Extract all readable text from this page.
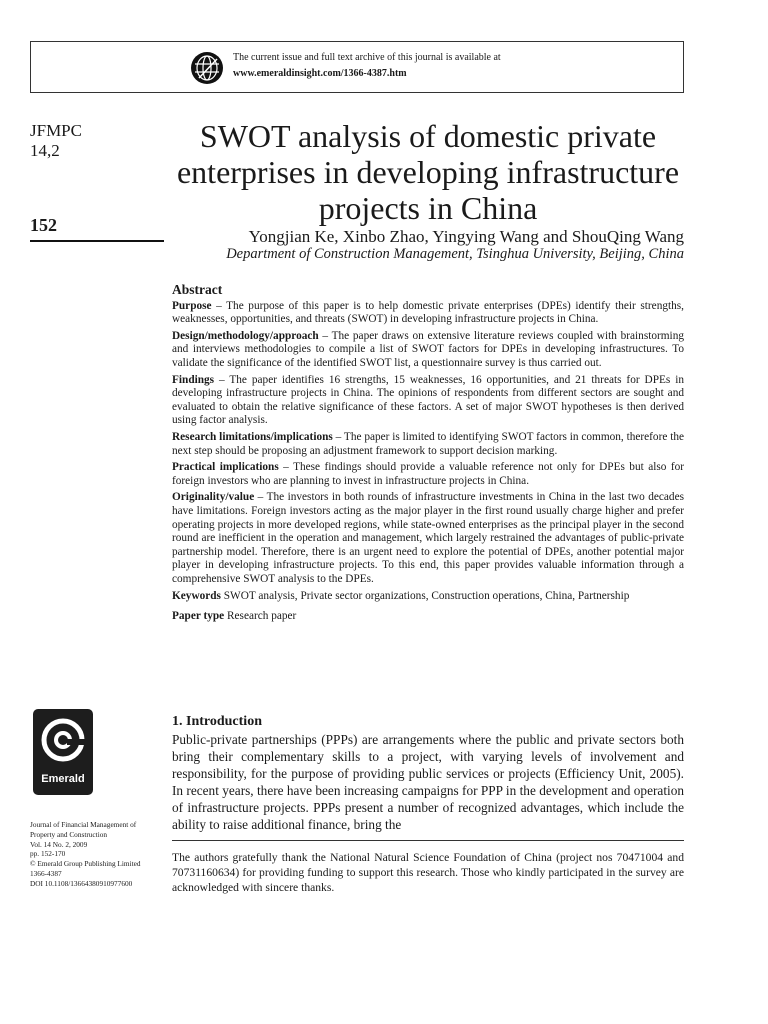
The current issue and full text archive of this journal is available at
www.emeraldinsight.com/1366-4387.htm
JFMPC
14,2
152
SWOT analysis of domestic private enterprises in developing infrastructure projects in China
Yongjian Ke, Xinbo Zhao, Yingying Wang and ShouQing Wang
Department of Construction Management, Tsinghua University, Beijing, China
Abstract
Purpose – The purpose of this paper is to help domestic private enterprises (DPEs) identify their strengths, weaknesses, opportunities, and threats (SWOT) in developing infrastructure projects in China.
Design/methodology/approach – The paper draws on extensive literature reviews coupled with brainstorming and interviews methodologies to compile a list of SWOT factors for DPEs in developing infrastructures. To validate the significance of the identified SWOT list, a questionnaire survey is thus carried out.
Findings – The paper identifies 16 strengths, 15 weaknesses, 16 opportunities, and 21 threats for DPEs in developing infrastructure projects in China. The opinions of respondents from different sectors are sought and evaluated to obtain the relative significance of these factors. A set of major SWOT hypotheses is then derived using factor analysis.
Research limitations/implications – The paper is limited to identifying SWOT factors in common, therefore the next step should be proposing an adjustment framework to support decision marking.
Practical implications – These findings should provide a valuable reference not only for DPEs but also for foreign investors who are planning to invest in infrastructure projects in China.
Originality/value – The investors in both rounds of infrastructure investments in China in the last two decades have limitations. Foreign investors acting as the major player in the first round usually charge higher and prefer operating projects in more developed regions, while state-owned enterprises as the principal player in the second round are inefficient in the operation and management, which largely restrained the advantages of public-private partnership model. Therefore, there is an urgent need to explore the potential of DPEs, another potential major player in developing infrastructure projects. To this end, this paper provides valuable information through a comprehensive SWOT analysis to the DPEs.
Keywords SWOT analysis, Private sector organizations, Construction operations, China, Partnership
Paper type Research paper
Emerald
Journal of Financial Management of
Property and Construction
Vol. 14 No. 2, 2009
pp. 152-170
© Emerald Group Publishing Limited
1366-4387
DOI 10.1108/13664380910977600
1. Introduction
Public-private partnerships (PPPs) are arrangements where the public and private sectors both bring their complementary skills to a project, with varying levels of involvement and responsibility, for the purpose of providing public services or projects (Efficiency Unit, 2005). In recent years, there have been increasing campaigns for PPP in the development and operation of infrastructure projects. PPPs present a number of recognized advantages, which include the ability to raise additional finance, bring the
The authors gratefully thank the National Natural Science Foundation of China (project nos 70471004 and 70731160634) for providing funding to support this research. Those who kindly participated in the survey are acknowledged with sincere thanks.
